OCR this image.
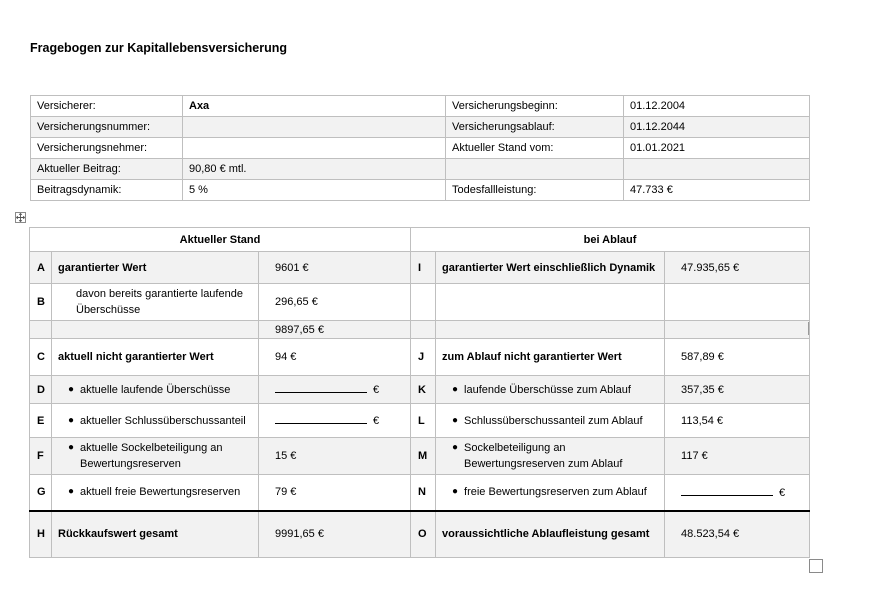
Fragebogen zur Kapitallebensversicherung
Versicherer:	Axa	Versicherungsbeginn:	01.12.2004
Versicherungsnummer:		Versicherungsablauf:	01.12.2044
Versicherungsnehmer:		Aktueller Stand vom:	01.01.2021
Aktueller Beitrag:	90,80 € mtl.		
Beitragsdynamik:	5 %	Todesfallleistung:	47.733 €
Aktueller Stand			bei Ablauf		
A	garantierter Wert	9601 €	I	garantierter Wert einschließlich Dynamik	47.935,65 €
B	davon bereits garantierte laufende Überschüsse	296,65 €			
		9897,65 €			
C	aktuell nicht garantierter Wert	94 €	J	zum Ablauf nicht garantierter Wert	587,89 €
D	● aktuelle laufende Überschüsse	€	K	● laufende Überschüsse zum Ablauf	357,35 €
E	● aktueller Schlussüberschussanteil	€	L	● Schlussüberschussanteil zum Ablauf	113,54 €
F	● aktuelle Sockelbeteiligung an Bewertungsreserven	15 €	M	● Sockelbeteiligung an Bewertungsreserven zum Ablauf	117 €
G	● aktuell freie Bewertungsreserven	79 €	N	● freie Bewertungsreserven zum Ablauf	€
H	Rückkaufswert gesamt	9991,65 €	O	voraussichtliche Ablaufleistung gesamt	48.523,54 €
